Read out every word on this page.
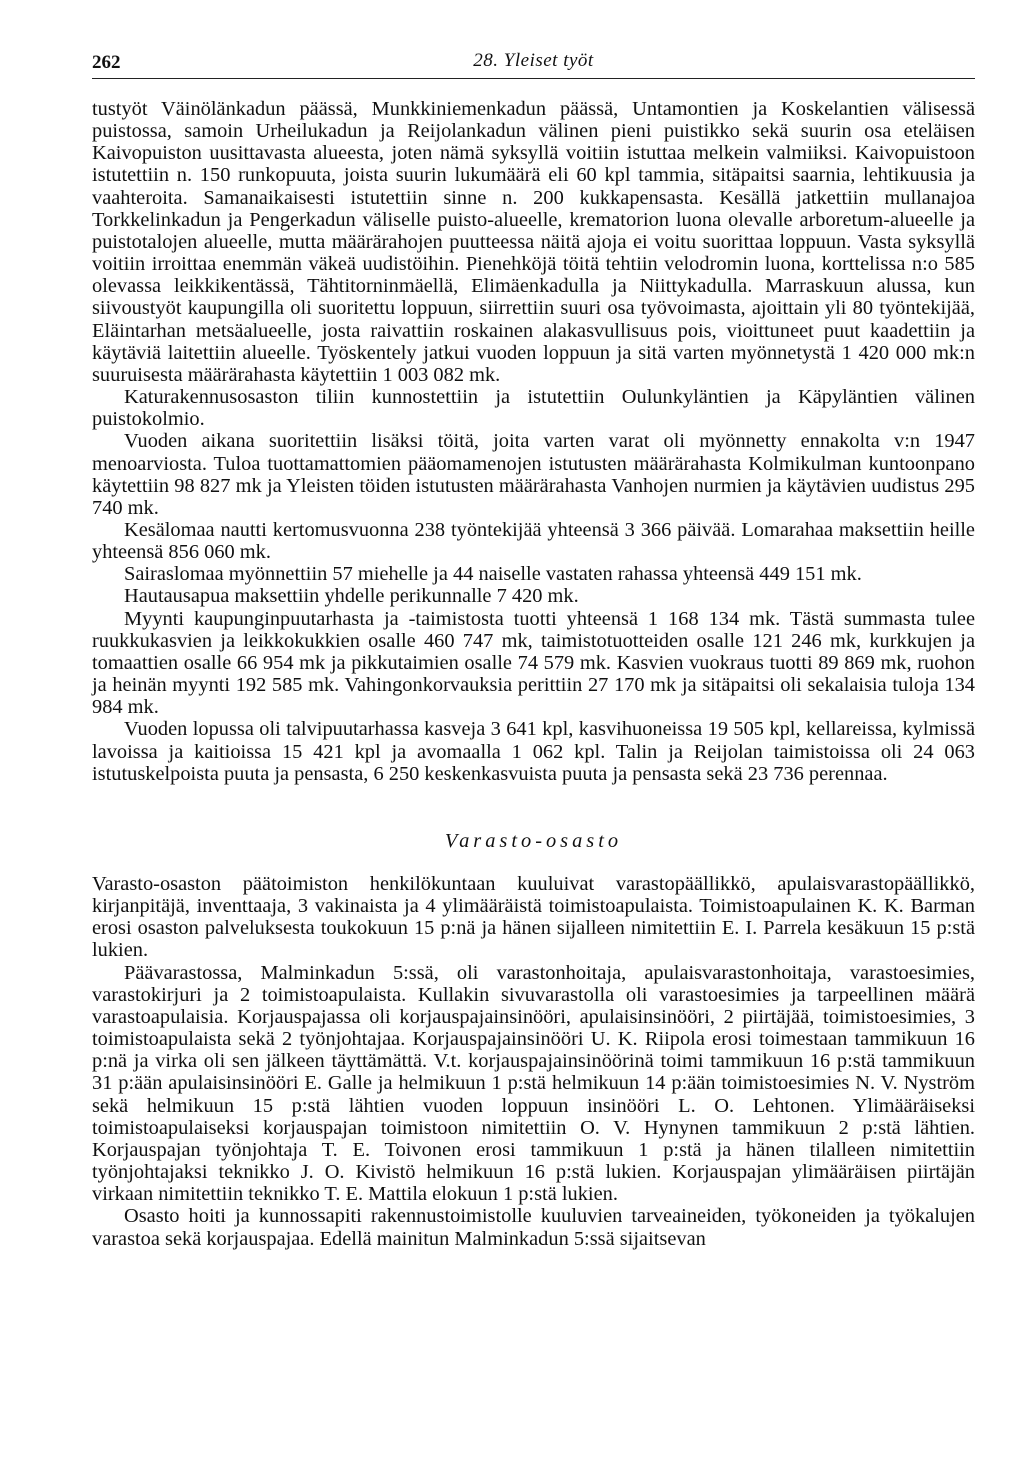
262	28. Yleiset työt

tustyöt Väinölänkadun päässä, Munkkiniemenkadun päässä, Untamontien ja Koskelantien välisessä puistossa, samoin Urheilukadun ja Reijolankadun välinen pieni puistikko sekä suurin osa eteläisen Kaivopuiston uusittavasta alueesta, joten nämä syksyllä voitiin istuttaa melkein valmiiksi. Kaivopuistoon istutettiin n. 150 runkopuuta, joista suurin lukumäärä eli 60 kpl tammia, sitäpaitsi saarnia, lehtikuusia ja vaahteroita. Samanaikaisesti istutettiin sinne n. 200 kukkapensasta. Kesällä jatkettiin mullanajoa Torkkelinkadun ja Pengerkadun väliselle puisto-alueelle, krematorion luona olevalle arboretum-alueelle ja puistotalojen alueelle, mutta määrärahojen puutteessa näitä ajoja ei voitu suorittaa loppuun. Vasta syksyllä voitiin irroittaa enemmän väkeä uudistöihin. Pienehköjä töitä tehtiin velodromin luona, korttelissa n:o 585 olevassa leikkikentässä, Tähtitorninmäellä, Elimäenkadulla ja Niittykadulla. Marraskuun alussa, kun siivoustyöt kaupungilla oli suoritettu loppuun, siirrettiin suuri osa työvoimasta, ajoittain yli 80 työntekijää, Eläintarhan metsäalueelle, josta raivattiin roskainen alakasvullisuus pois, vioittuneet puut kaadettiin ja käytäviä laitettiin alueelle. Työskentely jatkui vuoden loppuun ja sitä varten myönnetystä 1 420 000 mk:n suuruisesta määrärahasta käytettiin 1 003 082 mk.

Katurakennusosaston tiliin kunnostettiin ja istutettiin Oulunkyläntien ja Käpyläntien välinen puistokolmio.

Vuoden aikana suoritettiin lisäksi töitä, joita varten varat oli myönnetty ennakolta v:n 1947 menoarviosta. Tuloa tuottamattomien pääomamenojen istutusten määrärahasta Kolmikulman kuntoonpano käytettiin 98 827 mk ja Yleisten töiden istutusten määrärahasta Vanhojen nurmien ja käytävien uudistus 295 740 mk.

Kesälomaa nautti kertomusvuonna 238 työntekijää yhteensä 3 366 päivää. Lomarahaa maksettiin heille yhteensä 856 060 mk.

Sairaslomaa myönnettiin 57 miehelle ja 44 naiselle vastaten rahassa yhteensä 449 151 mk.

Hautausapua maksettiin yhdelle perikunnalle 7 420 mk.

Myynti kaupunginpuutarhasta ja -taimistosta tuotti yhteensä 1 168 134 mk. Tästä summasta tulee ruukkukasvien ja leikkokukkien osalle 460 747 mk, taimistotuotteiden osalle 121 246 mk, kurkkujen ja tomaattien osalle 66 954 mk ja pikkutaimien osalle 74 579 mk. Kasvien vuokraus tuotti 89 869 mk, ruohon ja heinän myynti 192 585 mk. Vahingonkorvauksia perittiin 27 170 mk ja sitäpaitsi oli sekalaisia tuloja 134 984 mk.

Vuoden lopussa oli talvipuutarhassa kasveja 3 641 kpl, kasvihuoneissa 19 505 kpl, kellareissa, kylmissä lavoissa ja kaitioissa 15 421 kpl ja avomaalla 1 062 kpl. Talin ja Reijolan taimistoissa oli 24 063 istutuskelpoista puuta ja pensasta, 6 250 keskenkasvuista puuta ja pensasta sekä 23 736 perennaa.

Varasto-osasto

Varasto-osaston päätoimiston henkilökuntaan kuuluivat varastopäällikkö, apulaisvarastopäällikkö, kirjanpitäjä, inventtaaja, 3 vakinaista ja 4 ylimääräistä toimistoapulaista. Toimistoapulainen K. K. Barman erosi osaston palveluksesta toukokuun 15 p:nä ja hänen sijalleen nimitettiin E. I. Parrela kesäkuun 15 p:stä lukien.

Päävarastossa, Malminkadun 5:ssä, oli varastonhoitaja, apulaisvarastonhoitaja, varastoesimies, varastokirjuri ja 2 toimistoapulaista. Kullakin sivuvarastolla oli varastoesimies ja tarpeellinen määrä varastoapulaisia. Korjauspajassa oli korjauspajainsinööri, apulaisinsinööri, 2 piirtäjää, toimistoesimies, 3 toimistoapulaista sekä 2 työnjohtajaa. Korjauspajainsinööri U. K. Riipola erosi toimestaan tammikuun 16 p:nä ja virka oli sen jälkeen täyttämättä. V.t. korjauspajainsinöörinä toimi tammikuun 16 p:stä tammikuun 31 p:ään apulaisinsinööri E. Galle ja helmikuun 1 p:stä helmikuun 14 p:ään toimistoesimies N. V. Nyström sekä helmikuun 15 p:stä lähtien vuoden loppuun insinööri L. O. Lehtonen. Ylimääräiseksi toimistoapulaiseksi korjauspajan toimistoon nimitettiin O. V. Hynynen tammikuun 2 p:stä lähtien. Korjauspajan työnjohtaja T. E. Toivonen erosi tammikuun 1 p:stä ja hänen tilalleen nimitettiin työnjohtajaksi teknikko J. O. Kivistö helmikuun 16 p:stä lukien. Korjauspajan ylimääräisen piirtäjän virkaan nimitettiin teknikko T. E. Mattila elokuun 1 p:stä lukien.

Osasto hoiti ja kunnossapiti rakennustoimistolle kuuluvien tarveaineiden, työkoneiden ja työkalujen varastoa sekä korjauspajaa. Edellä mainitun Malminkadun 5:ssä sijaitsevan
